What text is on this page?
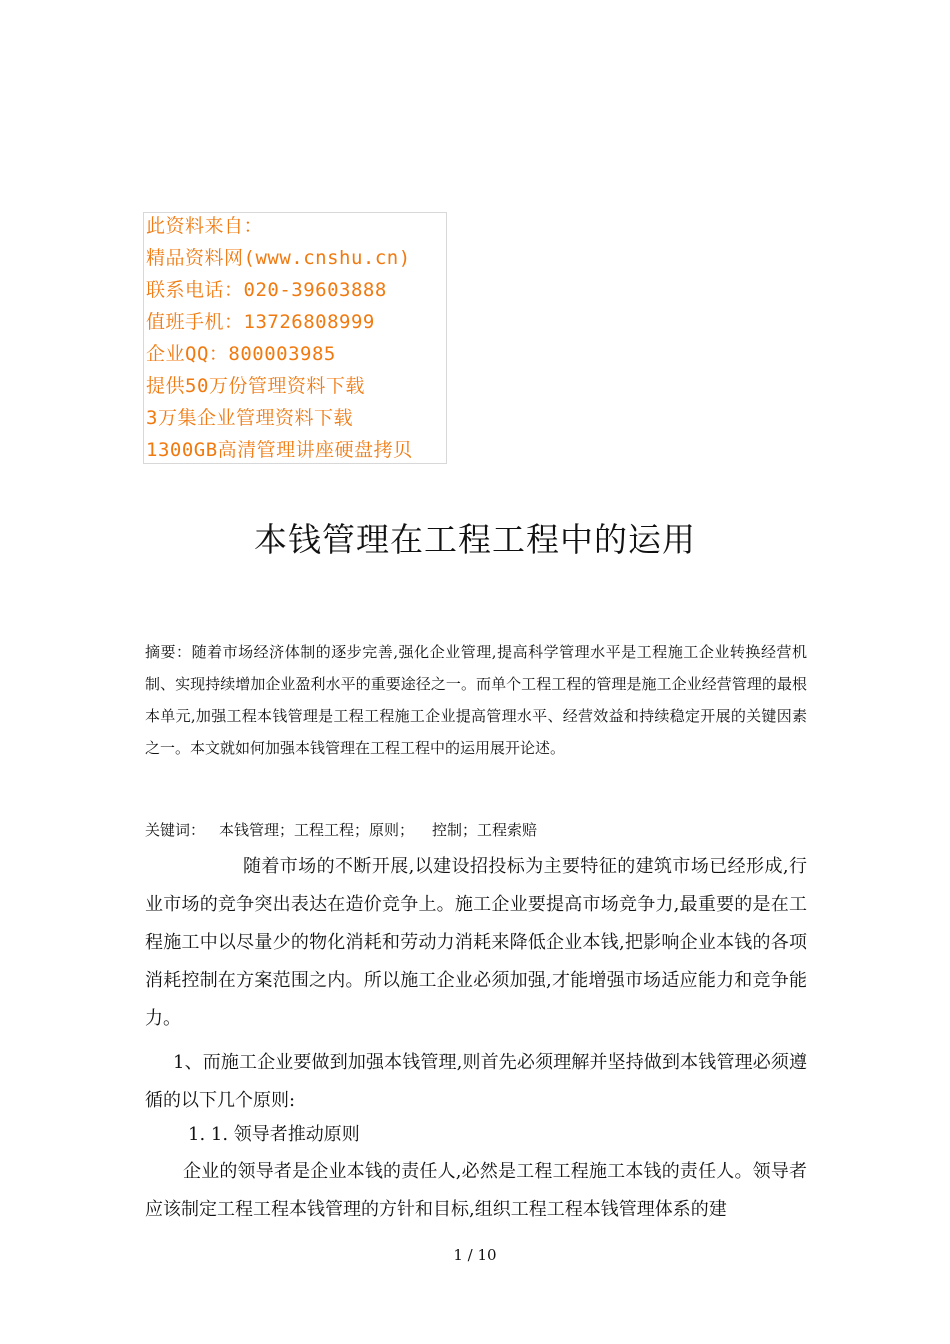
此资料来自：
精品资料网(www.cnshu.cn)
联系电话：020-39603888
值班手机：13726808999
企业QQ：800003985
提供50万份管理资料下载
3万集企业管理资料下载
1300GB高清管理讲座硬盘拷贝
本钱管理在工程工程中的运用

摘要：随着市场经济体制的逐步完善,强化企业管理,提高科学管理水平是工程施工企业转换经营机制、实现持续增加企业盈利水平的重要途径之一。而单个工程工程的管理是施工企业经营管理的最根本单元,加强工程本钱管理是工程工程施工企业提高管理水平、经营效益和持续稳定开展的关键因素之一。本文就如何加强本钱管理在工程工程中的运用展开论述。

关键词： 本钱管理；工程工程；原则； 控制；工程索赔

随着市场的不断开展,以建设招投标为主要特征的建筑市场已经形成,行业市场的竞争突出表达在造价竞争上。施工企业要提高市场竞争力,最重要的是在工程施工中以尽量少的物化消耗和劳动力消耗来降低企业本钱,把影响企业本钱的各项消耗控制在方案范围之内。所以施工企业必须加强,才能增强市场适应能力和竞争能力。

1、而施工企业要做到加强本钱管理,则首先必须理解并坚持做到本钱管理必须遵循的以下几个原则:

1. 1. 领导者推动原则

企业的领导者是企业本钱的责任人,必然是工程工程施工本钱的责任人。领导者应该制定工程工程本钱管理的方针和目标,组织工程工程本钱管理体系的建

1 / 10
